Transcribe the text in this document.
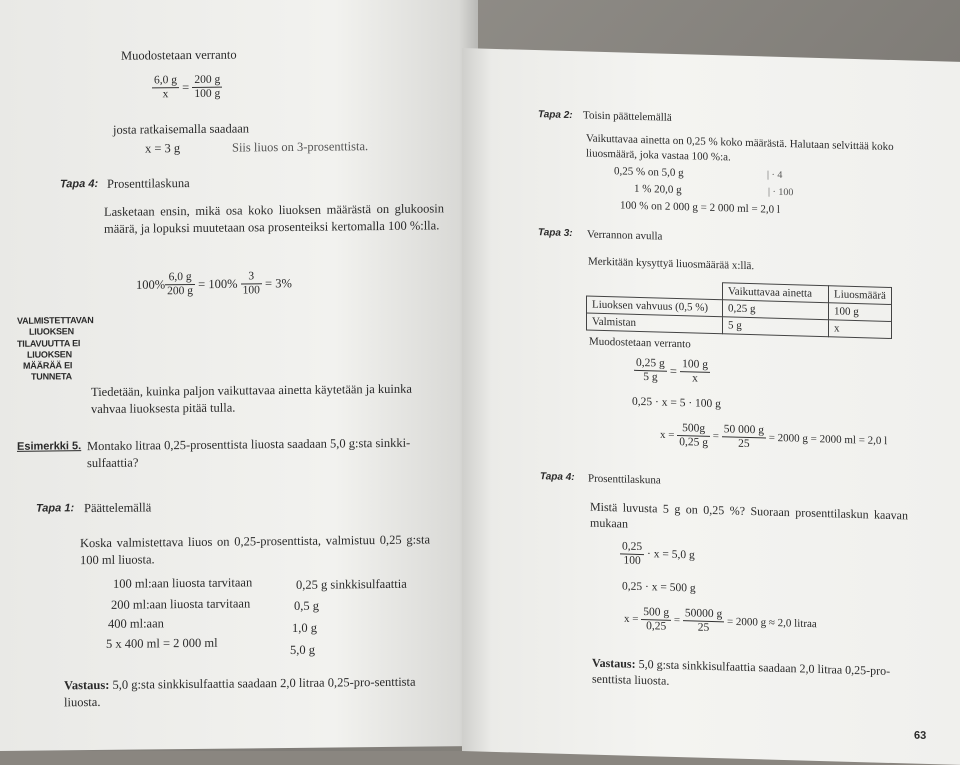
Muodostetaan verranto
$\frac{6,0 g}{x} = \frac{200 g}{100 g}$
josta ratkaisemalla saadaan
x = 3 g	Siis liuos on 3-prosenttista.
Tapa 4: Prosenttilaskuna
Lasketaan ensin, mikä osa koko liuoksen määrästä on glukoosin määrä, ja lopuksi muutetaan osa prosenteiksi kertomalla 100 %:lla.
$100\% \frac{6,0 g}{200 g} = 100\% \frac{3}{100} = 3\%$
VALMISTETTAVAN
LIUOKSEN
TILAVUUTTA EI
LIUOKSEN
MÄÄRÄÄ EI
TUNNETA
Tiedetään, kuinka paljon vaikuttavaa ainetta käytetään ja kuinka vahvaa liuoksesta pitää tulla.
Esimerkki 5. Montako litraa 0,25-prosenttista liuosta saadaan 5,0 g:sta sinkki-sulfaattia?
Tapa 1: Päättelemällä
Koska valmistettava liuos on 0,25-prosenttista, valmistuu 0,25 g:sta 100 ml liuosta.
100 ml:aan liuosta tarvitaan	0,25 g sinkkisulfaattia
200 ml:aan liuosta tarvitaan	0,5 g
400 ml:aan	1,0 g
5 x 400 ml = 2 000 ml	5,0 g
Vastaus: 5,0 g:sta sinkkisulfaattia saadaan 2,0 litraa 0,25-pro-senttista liuosta.
Tapa 2: Toisin päättelemällä
Vaikuttavaa ainetta on 0,25 % koko määrästä. Halutaan selvittää koko liuosmäärä, joka vastaa 100 %:a.
0,25 % on 5,0 g	| · 4
1 % 20,0 g	| · 100
100 % on 2 000 g = 2 000 ml = 2,0 l
Tapa 3: Verrannon avulla
Merkitään kysyttyä liuosmäärää x:llä.
	Vaikuttavaa ainetta	Liuosmäärä
Liuoksen vahvuus (0,5 %)	0,25 g	100 g
Valmistan	5 g	x
Muodostetaan verranto
$\frac{0,25 g}{5 g} = \frac{100 g}{x}$
0,25 · x = 5 · 100 g
$x = \frac{500g}{0,25 g} = \frac{50 000 g}{25} = 2000$ g = 2000 ml = 2,0 l
Tapa 4: Prosenttilaskuna
Mistä luvusta 5 g on 0,25 %? Suoraan prosenttilaskun kaavan mukaan
$\frac{0,25}{100} \cdot x = 5,0$ g
0,25 · x = 500 g
$x = \frac{500 g}{0,25} = \frac{50000 g}{25} = 2000$ g ≈ 2,0 litraa
Vastaus: 5,0 g:sta sinkkisulfaattia saadaan 2,0 litraa 0,25-pro-senttista liuosta.
63
